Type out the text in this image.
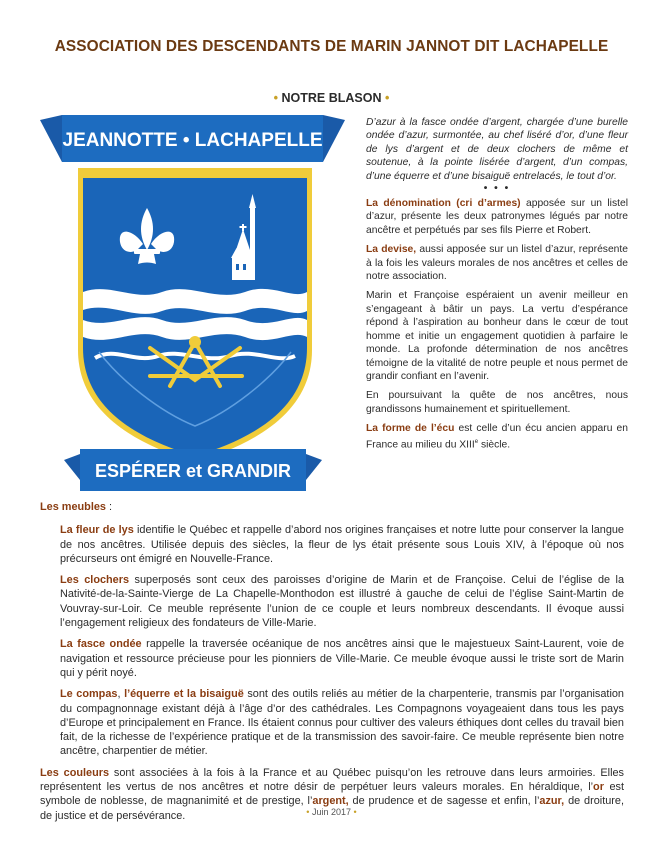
ASSOCIATION DES DESCENDANTS DE MARIN JANNOT DIT LACHAPELLE
• NOTRE BLASON •
JEANNOTTE • LACHAPELLE
ESPÉRER et GRANDIR

D’azur à la fasce ondée d’argent, chargée d’une burelle ondée d’azur, surmontée, au chef liséré d’or, d’une fleur de lys d’argent et de deux clochers de même et soutenue, à la pointe lisérée d’argent, d’un compas, d’une équerre et d’une bisaiguë entrelacés, le tout d’or.

• • •

La dénomination (cri d’armes) apposée sur un listel d’azur, présente les deux patronymes légués par notre ancêtre et perpétués par ses fils Pierre et Robert.

La devise, aussi apposée sur un listel d’azur, représente à la fois les valeurs morales de nos ancêtres et celles de notre association.

Marin et Françoise espéraient un avenir meilleur en s’engageant à bâtir un pays. La vertu d’espérance répond à l’aspiration au bonheur dans le cœur de tout homme et initie un engagement quotidien à parfaire le monde. La profonde détermination de nos ancêtres témoigne de la vitalité de notre peuple et nous permet de grandir confiant en l’avenir.

En poursuivant la quête de nos ancêtres, nous grandissons humainement et spirituellement.

La forme de l’écu est celle d’un écu ancien apparu en France au milieu du XIIIe siècle.

Les meubles :

La fleur de lys identifie le Québec et rappelle d’abord nos origines françaises et notre lutte pour conserver la langue de nos ancêtres. Utilisée depuis des siècles, la fleur de lys était présente sous Louis XIV, à l’époque où nos précurseurs ont émigré en Nouvelle-France.

Les clochers superposés sont ceux des paroisses d’origine de Marin et de Françoise. Celui de l’église de la Nativité-de-la-Sainte-Vierge de La Chapelle-Monthodon est illustré à gauche de celui de l’église Saint-Martin de Vouvray-sur-Loir. Ce meuble représente l’union de ce couple et leurs nombreux descendants. Il évoque aussi l’engagement religieux des fondateurs de Ville-Marie.

La fasce ondée rappelle la traversée océanique de nos ancêtres ainsi que le majestueux Saint-Laurent, voie de navigation et ressource précieuse pour les pionniers de Ville-Marie. Ce meuble évoque aussi le triste sort de Marin qui y périt noyé.

Le compas, l’équerre et la bisaiguë sont des outils reliés au métier de la charpenterie, transmis par l’organisation du compagnonnage existant déjà à l’âge d’or des cathédrales. Les Compagnons voyageaient dans tous les pays d’Europe et principalement en France. Ils étaient connus pour cultiver des valeurs éthiques dont celles du travail bien fait, de la richesse de l’expérience pratique et de la transmission des savoir-faire. Ce meuble représente bien notre ancêtre, charpentier de métier.

Les couleurs sont associées à la fois à la France et au Québec puisqu’on les retrouve dans leurs armoiries. Elles représentent les vertus de nos ancêtres et notre désir de perpétuer leurs valeurs morales. En héraldique, l’or est symbole de noblesse, de magnanimité et de prestige, l’argent, de prudence et de sagesse et enfin, l’azur, de droiture, de justice et de persévérance.	• Juin 2017 •
